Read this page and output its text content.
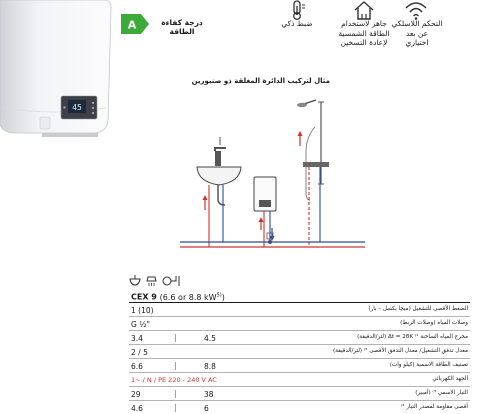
45
A	درجة كفاءة الطاقة
التحكم اللاسلكي
عن بعد
اختياري
جاهز لاستخدام
الطاقة الشمسية
لإعادة التسخين
ضبط ذكي
مثال لتركيب الدائرة المغلقة ذو صنبورين
CEX 9 (6.6 or 8.8 $kW^{5)}$)
1 (10)	الضغط الأقصى للتشغيل (ميجا بكسل – بار)
G ½"	وصلات المياه (وصلات الربط)
3.4	|	4.5	مخرج المياه الساخنة ¹⁾ Δt = 28K (لتر/الدقيقة)
2 / 5	معدل تدفق التشغيل/ معدل التدفق الأقصى ²⁾ (لتر/الدقيقة)
6.6	|	8.8	تصنيف الطاقة الاسمية (كيلو وات)
1~ / N / PE 220 - 240 V AC	الجهد الكهربائي
29	|	38	التيار الاسمي ³⁾ (أمبير)
4.6	|	6	أقصى مقاومة لمصدر التيار ⁴⁾
